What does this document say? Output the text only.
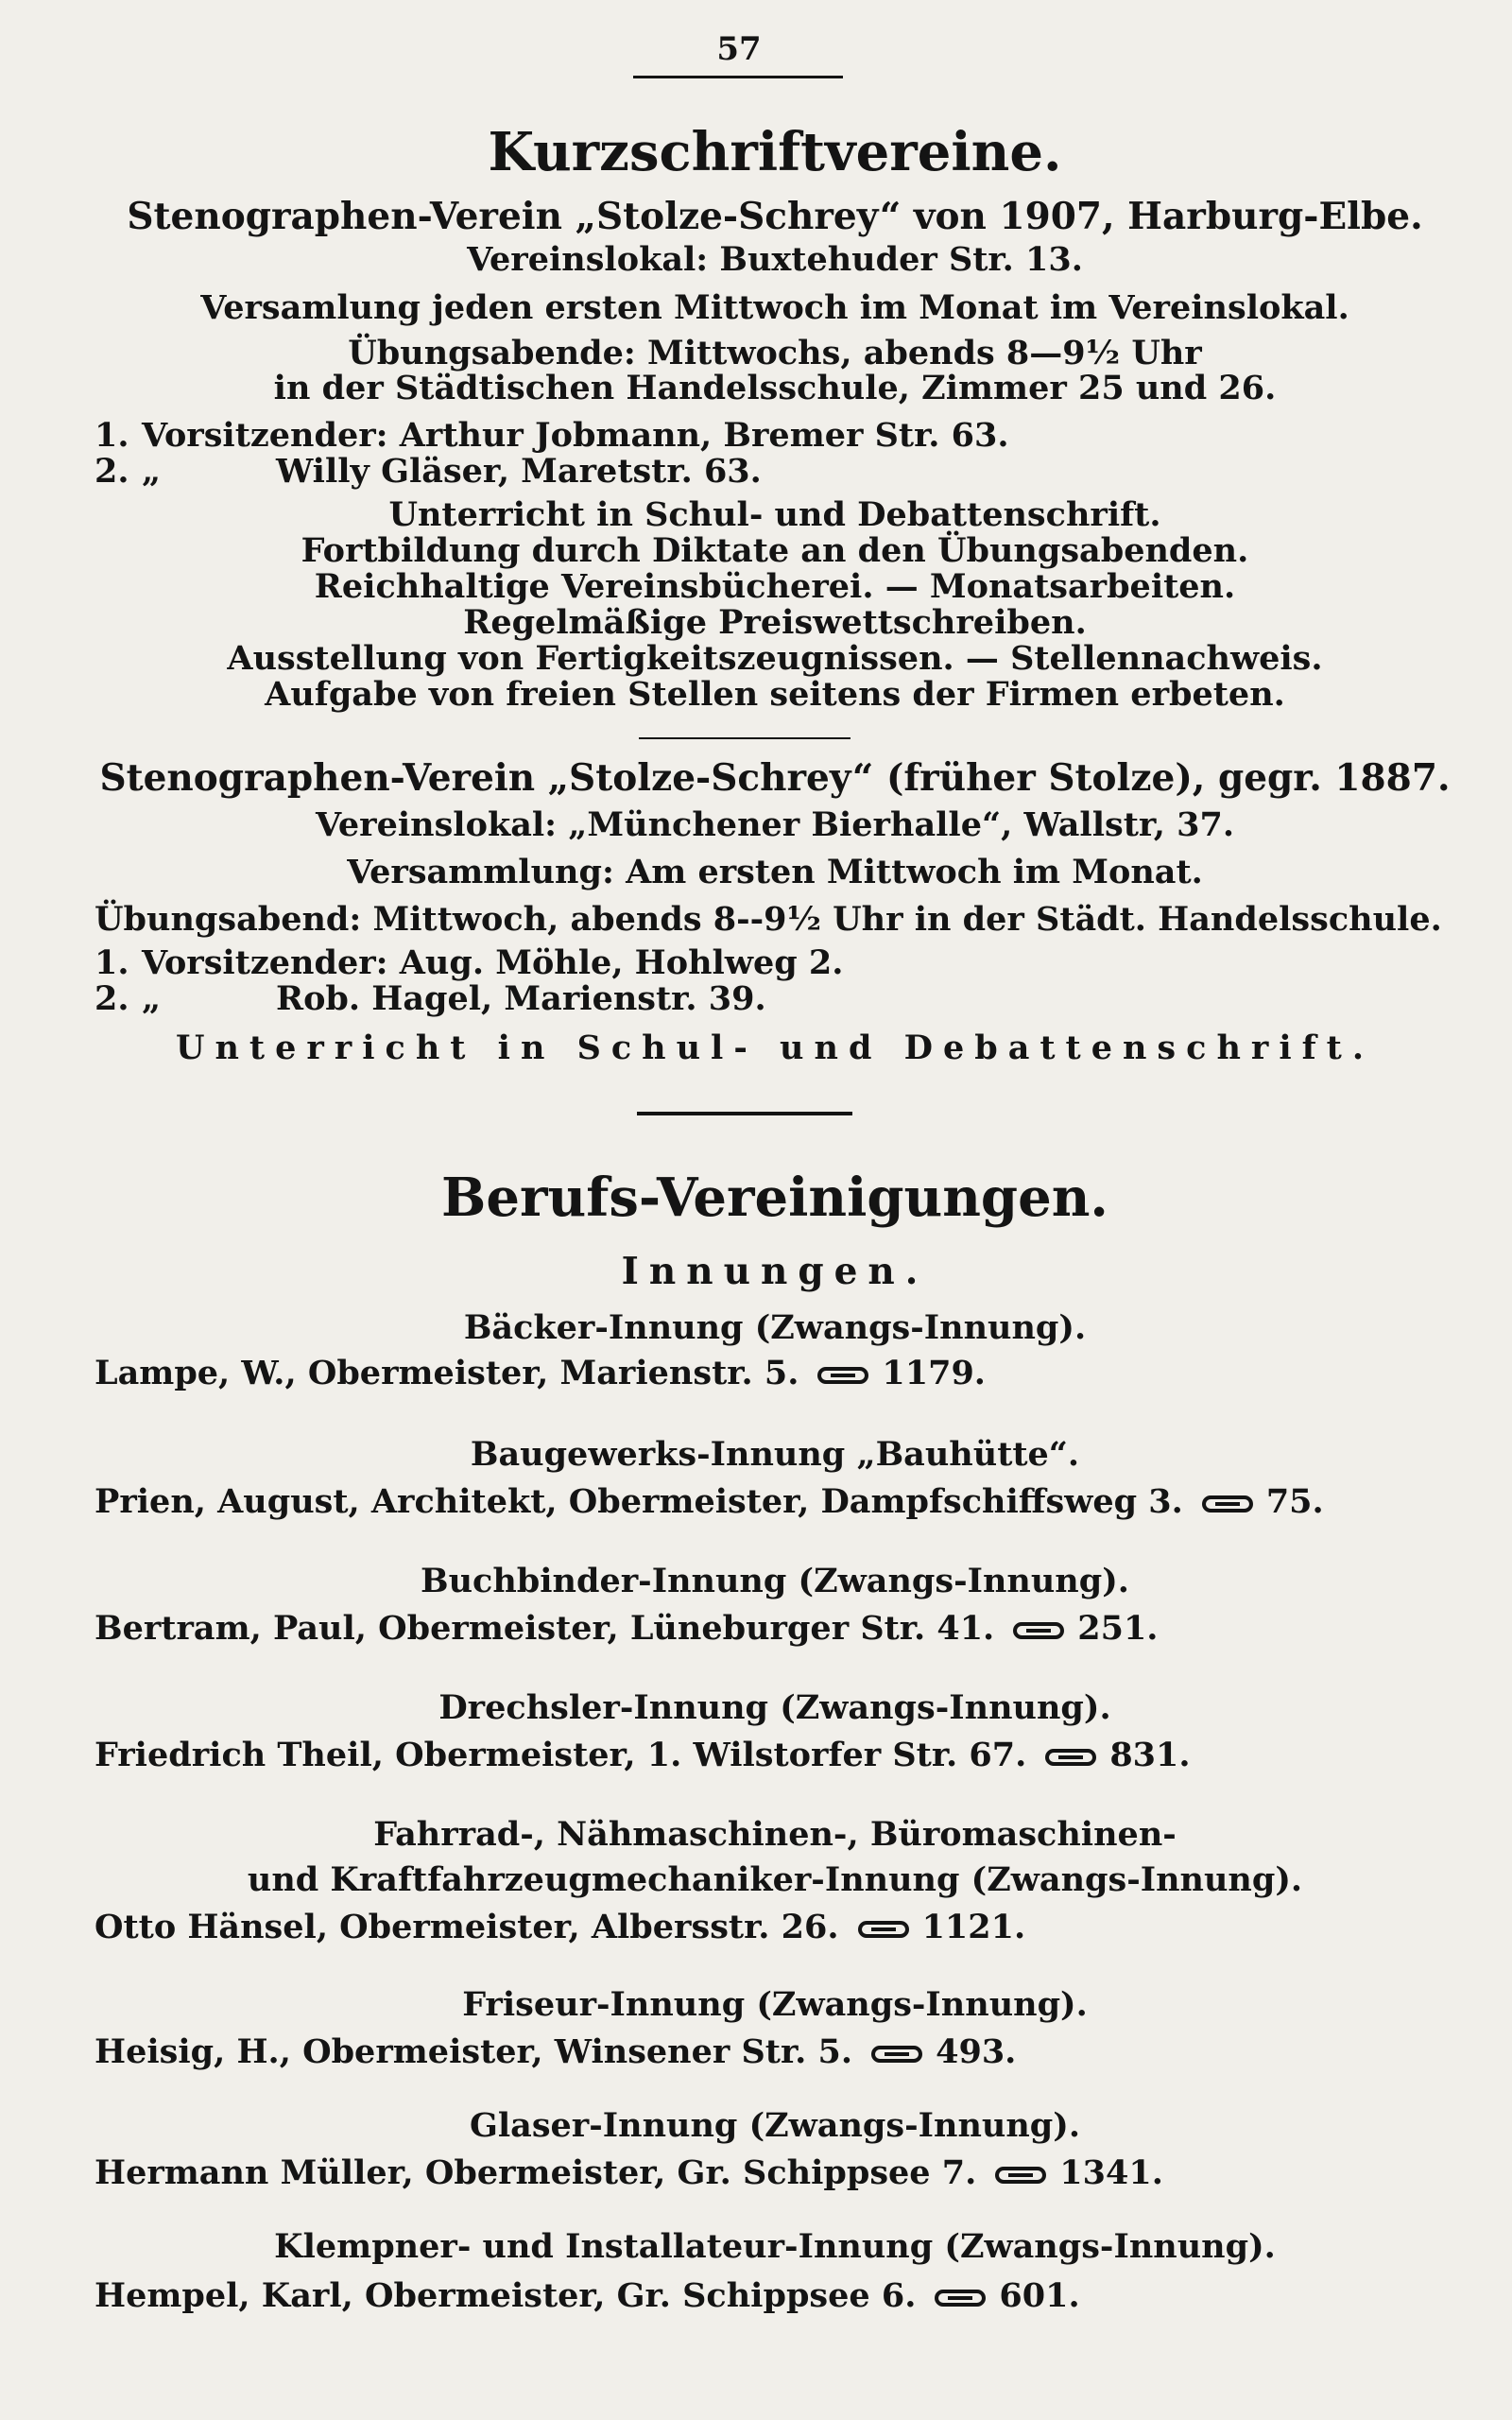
57
Kurzschriftvereine.
Stenographen-Verein „Stolze-Schrey“ von 1907, Harburg-Elbe.
Vereinslokal: Buxtehuder Str. 13.
Versamlung jeden ersten Mittwoch im Monat im Vereinslokal.
Übungsabende: Mittwochs, abends 8—9½ Uhr
in der Städtischen Handelsschule, Zimmer 25 und 26.
1. Vorsitzender: Arthur Jobmann, Bremer Str. 63.
2. „          Willy Gläser, Maretstr. 63.
Unterricht in Schul- und Debattenschrift.
Fortbildung durch Diktate an den Übungsabenden.
Reichhaltige Vereinsbücherei. — Monatsarbeiten.
Regelmäßige Preiswettschreiben.
Ausstellung von Fertigkeitszeugnissen. — Stellennachweis.
Aufgabe von freien Stellen seitens der Firmen erbeten.
Stenographen-Verein „Stolze-Schrey“ (früher Stolze), gegr. 1887.
Vereinslokal: „Münchener Bierhalle“, Wallstr, 37.
Versammlung: Am ersten Mittwoch im Monat.
Übungsabend: Mittwoch, abends 8--9½ Uhr in der Städt. Handelsschule.
1. Vorsitzender: Aug. Möhle, Hohlweg 2.
2. „          Rob. Hagel, Marienstr. 39.
Unterricht in Schul- und Debattenschrift.
Berufs-Vereinigungen.
Innungen.
Bäcker-Innung (Zwangs-Innung).
Lampe, W., Obermeister, Marienstr. 5.	1179.
Baugewerks-Innung „Bauhütte“.
Prien, August, Architekt, Obermeister, Dampfschiffsweg 3.	75.
Buchbinder-Innung (Zwangs-Innung).
Bertram, Paul, Obermeister, Lüneburger Str. 41.	251.
Drechsler-Innung (Zwangs-Innung).
Friedrich Theil, Obermeister, 1. Wilstorfer Str. 67.	831.
Fahrrad-, Nähmaschinen-, Büromaschinen-
und Kraftfahrzeugmechaniker-Innung (Zwangs-Innung).
Otto Hänsel, Obermeister, Albersstr. 26.	1121.
Friseur-Innung (Zwangs-Innung).
Heisig, H., Obermeister, Winsener Str. 5.	493.
Glaser-Innung (Zwangs-Innung).
Hermann Müller, Obermeister, Gr. Schippsee 7.	1341.
Klempner- und Installateur-Innung (Zwangs-Innung).
Hempel, Karl, Obermeister, Gr. Schippsee 6.	601.
